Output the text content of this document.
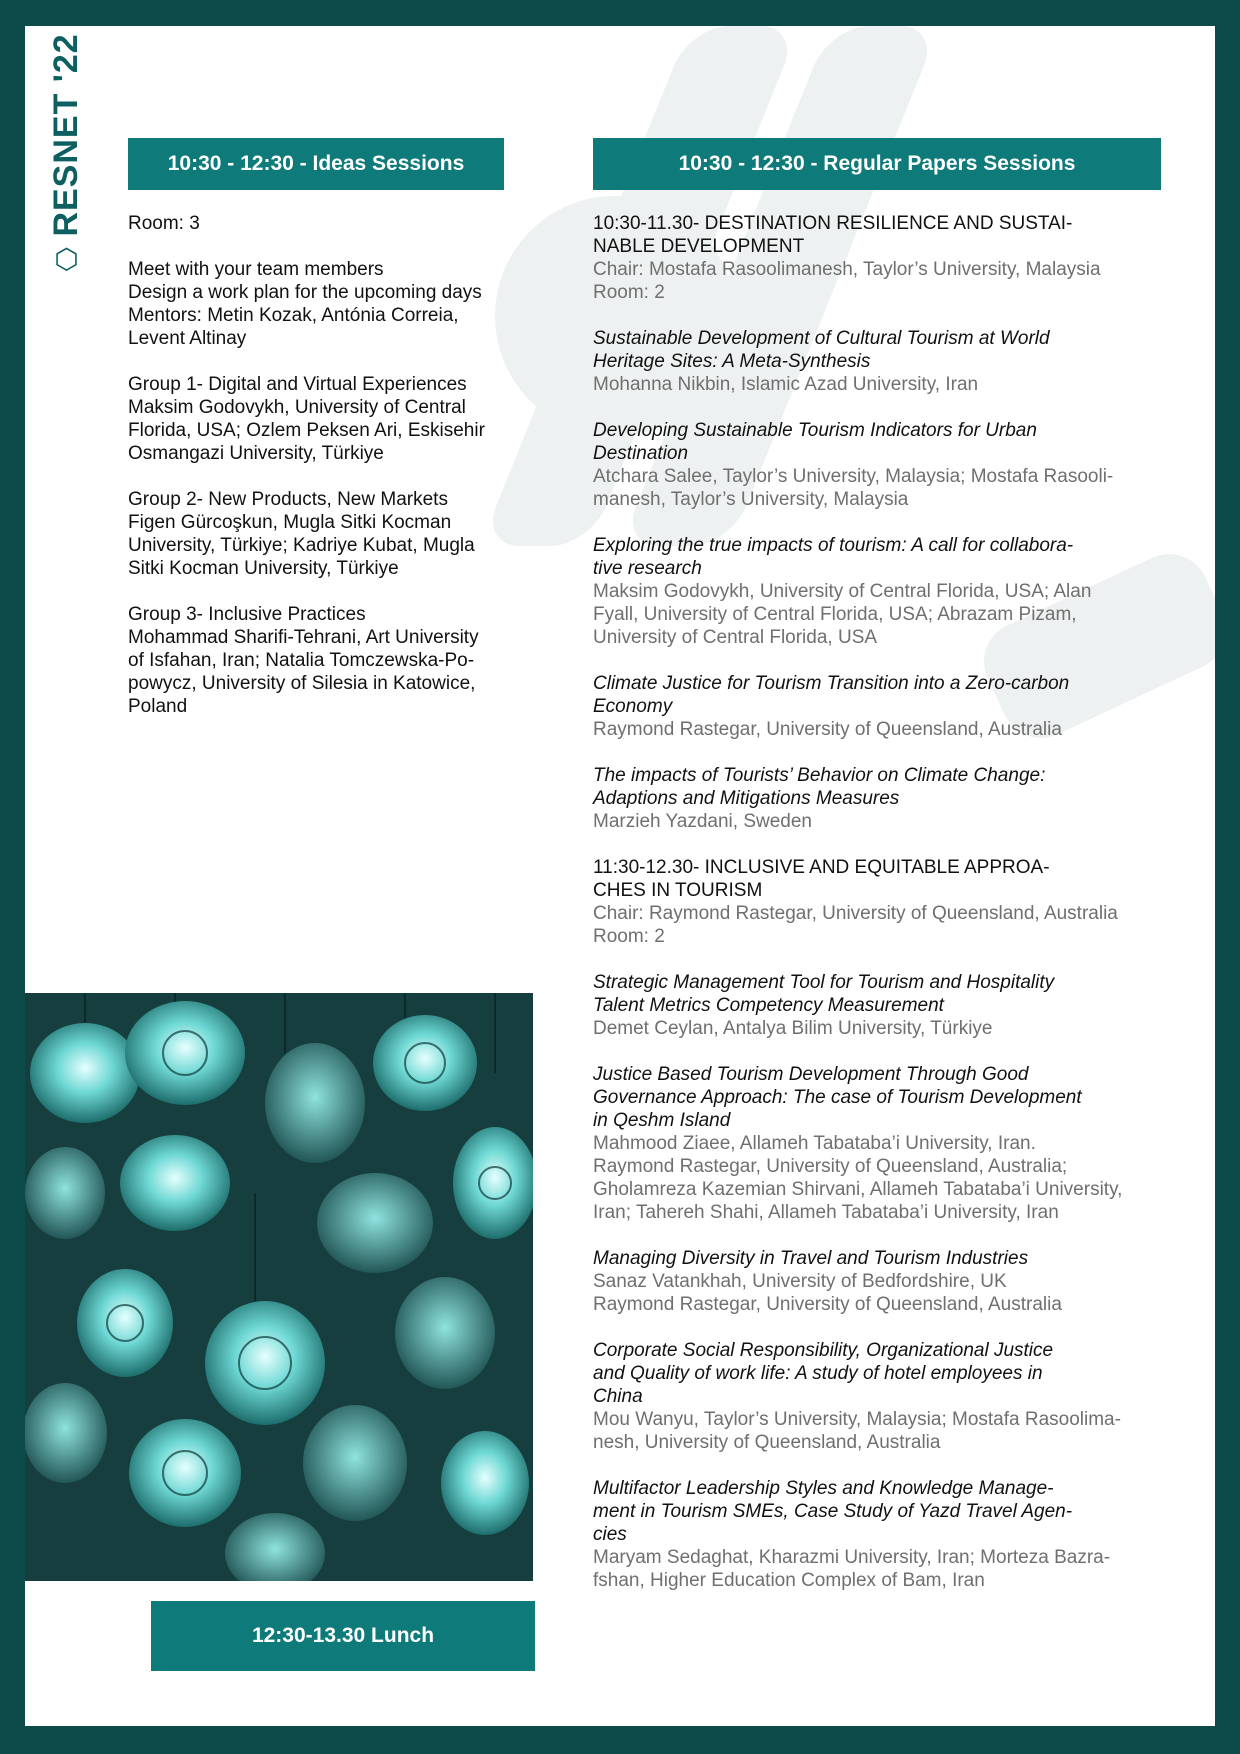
⬡
RESNET '22	10:30 - 12:30 - Ideas Sessions	10:30 - 12:30 - Regular Papers Sessions

Room: 3

Meet with your team members

Design a work plan for the upcoming days

Mentors: Metin Kozak, Antónia Correia,

Levent Altinay

Group 1- Digital and Virtual Experiences

Maksim Godovykh, University of Central

Florida, USA; Ozlem Peksen Ari, Eskisehir

Osmangazi University, Türkiye

Group 2- New Products, New Markets

Figen Gürcoşkun, Mugla Sitki Kocman

University, Türkiye; Kadriye Kubat, Mugla

Sitki Kocman University, Türkiye

Group 3- Inclusive Practices

Mohammad Sharifi-Tehrani, Art University

of Isfahan, Iran; Natalia Tomczewska-Po-

powycz, University of Silesia in Katowice,

Poland

12:30-13.30 Lunch

10:30-11.30- DESTINATION RESILIENCE AND SUSTAI-

NABLE DEVELOPMENT

Chair: Mostafa Rasoolimanesh, Taylor’s University, Malaysia

Room: 2

Sustainable Development of Cultural Tourism at World

Heritage Sites: A Meta-Synthesis

Mohanna Nikbin, Islamic Azad University, Iran

Developing Sustainable Tourism Indicators for Urban

Destination

Atchara Salee, Taylor’s University, Malaysia; Mostafa Rasooli-

manesh, Taylor’s University, Malaysia

Exploring the true impacts of tourism: A call for collabora-

tive research

Maksim Godovykh, University of Central Florida, USA; Alan

Fyall, University of Central Florida, USA; Abrazam Pizam,

University of Central Florida, USA

Climate Justice for Tourism Transition into a Zero-carbon

Economy

Raymond Rastegar, University of Queensland, Australia

The impacts of Tourists’ Behavior on Climate Change:

Adaptions and Mitigations Measures

Marzieh Yazdani, Sweden

11:30-12.30- INCLUSIVE AND EQUITABLE APPROA-

CHES IN TOURISM

Chair: Raymond Rastegar, University of Queensland, Australia

Room: 2

Strategic Management Tool for Tourism and Hospitality

Talent Metrics Competency Measurement

Demet Ceylan, Antalya Bilim University, Türkiye

Justice Based Tourism Development Through Good

Governance Approach: The case of Tourism Development

in Qeshm Island

Mahmood Ziaee, Allameh Tabataba’i University, Iran.

Raymond Rastegar, University of Queensland, Australia;

Gholamreza Kazemian Shirvani, Allameh Tabataba’i University,

Iran; Tahereh Shahi, Allameh Tabataba’i University, Iran

Managing Diversity in Travel and Tourism Industries

Sanaz Vatankhah, University of Bedfordshire, UK

Raymond Rastegar, University of Queensland, Australia

Corporate Social Responsibility, Organizational Justice

and Quality of work life: A study of hotel employees in

China

Mou Wanyu, Taylor’s University, Malaysia; Mostafa Rasoolima-

nesh, University of Queensland, Australia

Multifactor Leadership Styles and Knowledge Manage-

ment in Tourism SMEs, Case Study of Yazd Travel Agen-

cies

Maryam Sedaghat, Kharazmi University, Iran; Morteza Bazra-

fshan, Higher Education Complex of Bam, Iran
